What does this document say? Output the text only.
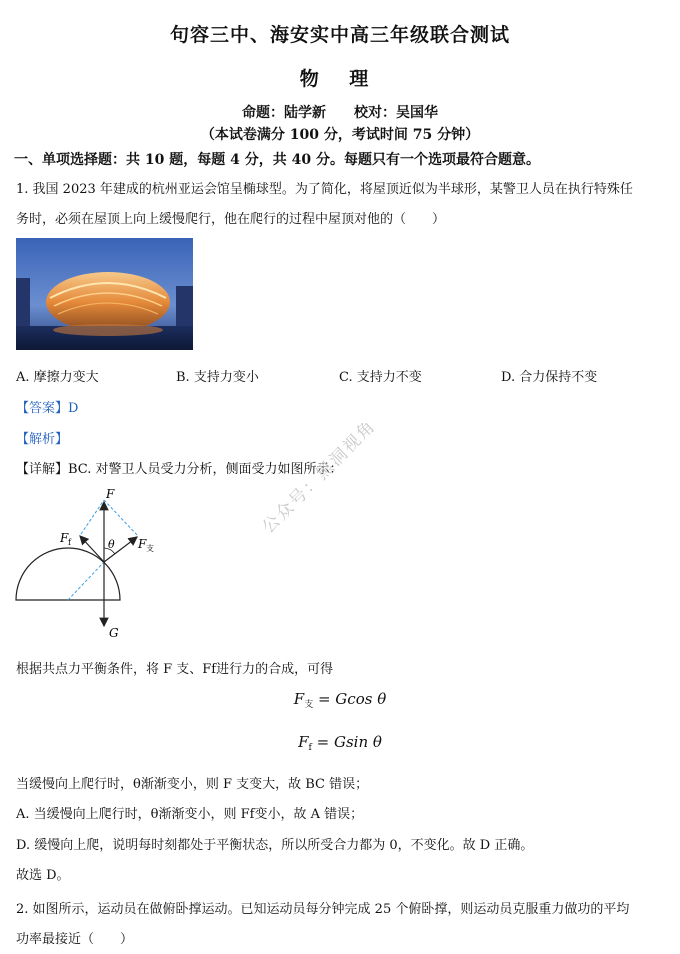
句容三中、海安实中高三年级联合测试
物 理
命题：陆学新　　校对：吴国华
（本试卷满分 100 分，考试时间 75 分钟）
一、单项选择题：共 10 题，每题 4 分，共 40 分。每题只有一个选项最符合题意。
1. 我国 2023 年建成的杭州亚运会馆呈椭球型。为了简化，将屋顶近似为半球形，某警卫人员在执行特殊任
务时，必须在屋顶上向上缓慢爬行，他在爬行的过程中屋顶对他的（　　）
A. 摩擦力变大	B. 支持力变小	C. 支持力不变	D. 合力保持不变
【答案】D
【解析】
【详解】BC. 对警卫人员受力分析，侧面受力如图所示：
F
F f	F 支
θ
G
公众号：黑洞视角
根据共点力平衡条件，将 F 支、Ff进行力的合成，可得
$F_支 = Gcos$ θ
$F_f = Gsin$ θ
当缓慢向上爬行时，θ渐渐变小，则 F 支变大，故 BC 错误；
A. 当缓慢向上爬行时，θ渐渐变小，则 Ff变小，故 A 错误；
D. 缓慢向上爬，说明每时刻都处于平衡状态，所以所受合力都为 0，不变化。故 D 正确。
故选 D。
2. 如图所示，运动员在做俯卧撑运动。已知运动员每分钟完成 25 个俯卧撑，则运动员克服重力做功的平均
功率最接近（　　）
